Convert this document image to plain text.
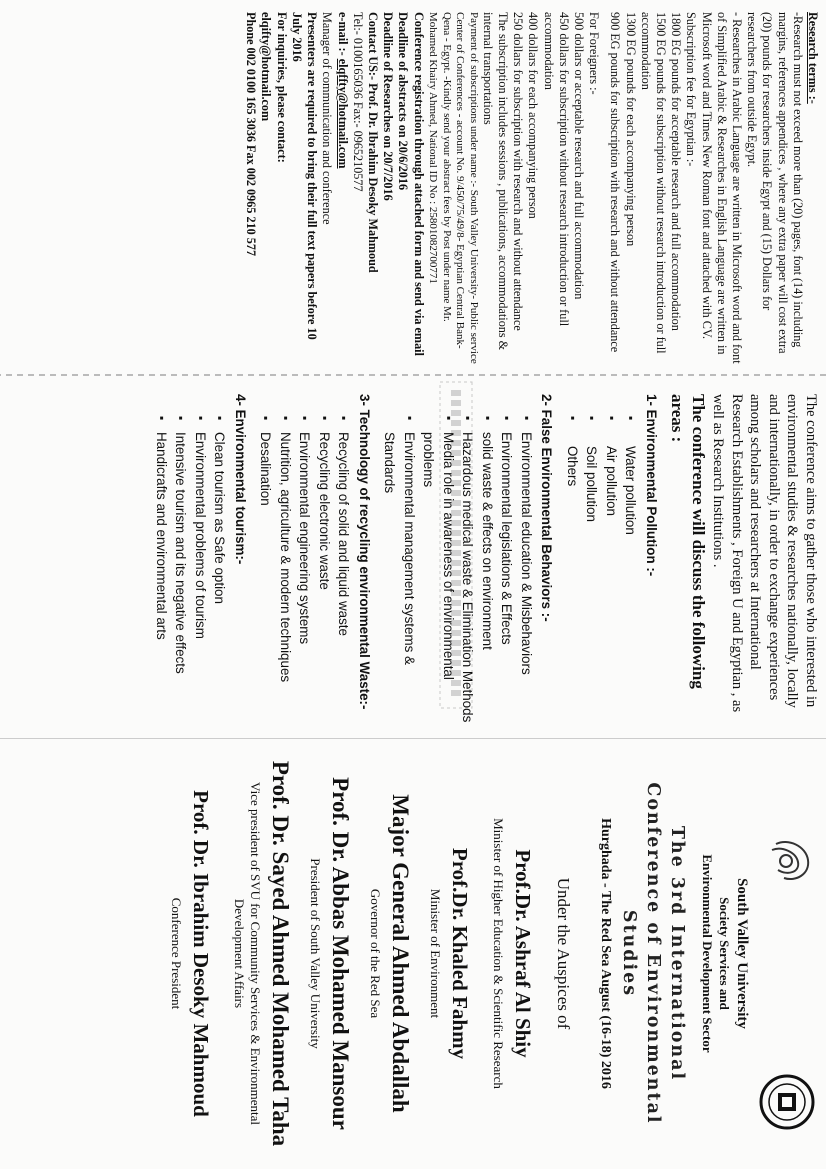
Research terms :-

-Research must not exceed more than (20) pages, font (14) including margins, references appendices , where any extra paper will cost extra (20) pounds for researchers inside Egypt and (15) Dollars for researchers from outside Egypt.

- Researches in Arabic Language are written in Microsoft word and font of Simplified Arabic & Researches in English Language are written in Microsoft word and Times New Roman font and attached with CV.

Subscription fee for Egyptian :-

1800 EG pounds for acceptable research and full accommodation

1500 EG pounds for subscription without research introduction or full accommodation

1300 EG pounds for each accompanying person

900 EG pounds for subscription with research and without attendance

For Foreigners :-

500 dollars or acceptable research and full accommodation

450 dollars for subscription without research introduction or full accommodation

400 dollars for each accompanying person

250 dollars for subscription with research and without attendance

The subscription includes sessions , publications, accommodations & internal transportations

Payment of subscriptions under name :- South Valley University- Public service Center of Conferences - account No. 9/450/75/49/8- Egyptian Central Bank- Qena - Egypt. -Kindly send your abstract fees by Post under name Mr. Mohamed Khairy Ahmed, National ID No : 25801082700771

Conference registration through attached form and send via email

Deadline of abstracts on 20/6/2016

Deadline of Researches on 20/7/2016

Contact US:- Prof. Dr. Ibrahim Desoky Mahmoud

Tel:- 0100165036 Fax:- 0965210577

e-mail :- elqffty@hotmail.com

Manager of communication and conference

Presenters are required to bring their full text papers before 10 July 2016

For inquiries, please contact:

elqifty@hotmail.com

Phone 002 0100 165 3036 Fax 002 0965 210 577

The conference aims to gather those who interested in environmental studies & researches nationally, locally and internationally, in order to exchange experiences among scholars and researchers at International Research Establishments , Foreign U and Egyptian , as well as Research Institutions .

The conference will discuss the following areas :

1- Environmental Pollution :-

▪ Water pollution
▪ Air pollution
▪ Soil pollution
▪ Others

2- False Environmental Behaviors :-

▪ Environmental education & Misbehaviors
▪ Environmental legislations & Effects
▪ solid waste & effects on environment
▪ Hazardous medical waste & Elimination Methods
▪ Media role in awareness of environmental problems
▪ Environmental management systems & Standards

3- Technology of recycling environmental Waste:-

▪ Recycling of solid and liquid waste
▪ Recycling electronic waste
▪ Environmental engineering systems
▪ Nutrition, agriculture & modern techniques
▪ Desalination

4- Environmental tourism:-

▪ Clean tourism as Safe option
▪ Environmental problems of tourism
▪ Intensive tourism and its negative effects
▪ Handicrafts and environmental arts
South Valley University
Society Services and
Environmental Development Sector
The 3rd International
Conference of Environmental Studies
Hurghada - The Red Sea August (16-18) 2016
Under the Auspices of
Prof.Dr. Ashraf Al Shiy
Minister of Higher Education & Scientific Research
Prof.Dr. Khaled Fahmy
Minister of Environment
Major General Ahmed Abdallah
Governor of the Red Sea
Prof. Dr. Abbas Mohamed Mansour
President of South Valley University
Prof. Dr. Sayed Ahmed Mohamed Taha
Vice president of SVU for Community Services & Environmental Development Affairs
Prof. Dr. Ibrahim Desoky Mahmoud
Conference President
